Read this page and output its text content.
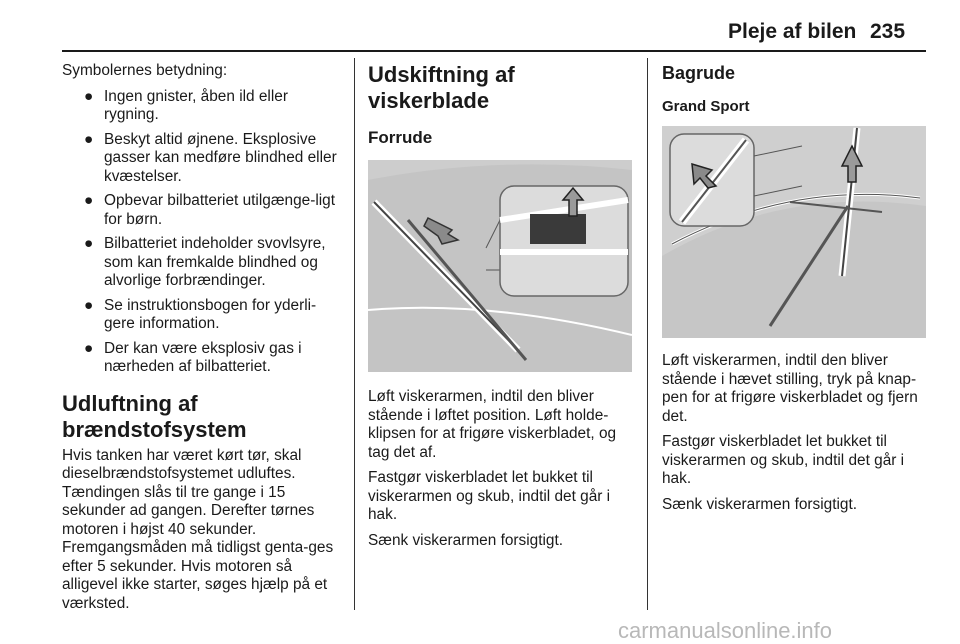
Pleje af bilen 235

Symbolernes betydning:

● Ingen gnister, åben ild eller rygning.
● Beskyt altid øjnene. Eksplosive gasser kan medføre blindhed eller kvæstelser.
● Opbevar bilbatteriet utilgænge-ligt for børn.
● Bilbatteriet indeholder svovlsyre, som kan fremkalde blindhed og alvorlige forbrændinger.
● Se instruktionsbogen for yderli-gere information.
● Der kan være eksplosiv gas i nærheden af bilbatteriet.
Udluftning af
brændstofsystem

Hvis tanken har været kørt tør, skal dieselbrændstofsystemet udluftes. Tændingen slås til tre gange i 15 sekunder ad gangen. Derefter tørnes motoren i højst 40 sekunder. Fremgangsmåden må tidligst genta-ges efter 5 sekunder. Hvis motoren så alligevel ikke starter, søges hjælp på et værksted.

Udskiftning af viskerblade
Forrude

Løft viskerarmen, indtil den bliver stående i løftet position. Løft holde-klipsen for at frigøre viskerbladet, og tag det af.

Fastgør viskerbladet let bukket til viskerarmen og skub, indtil det går i hak.

Sænk viskerarmen forsigtigt.

Bagrude
Grand Sport

Løft viskerarmen, indtil den bliver stående i hævet stilling, tryk på knap-pen for at frigøre viskerbladet og fjern det.

Fastgør viskerbladet let bukket til viskerarmen og skub, indtil det går i hak.

Sænk viskerarmen forsigtigt.

carmanualsonline.info
